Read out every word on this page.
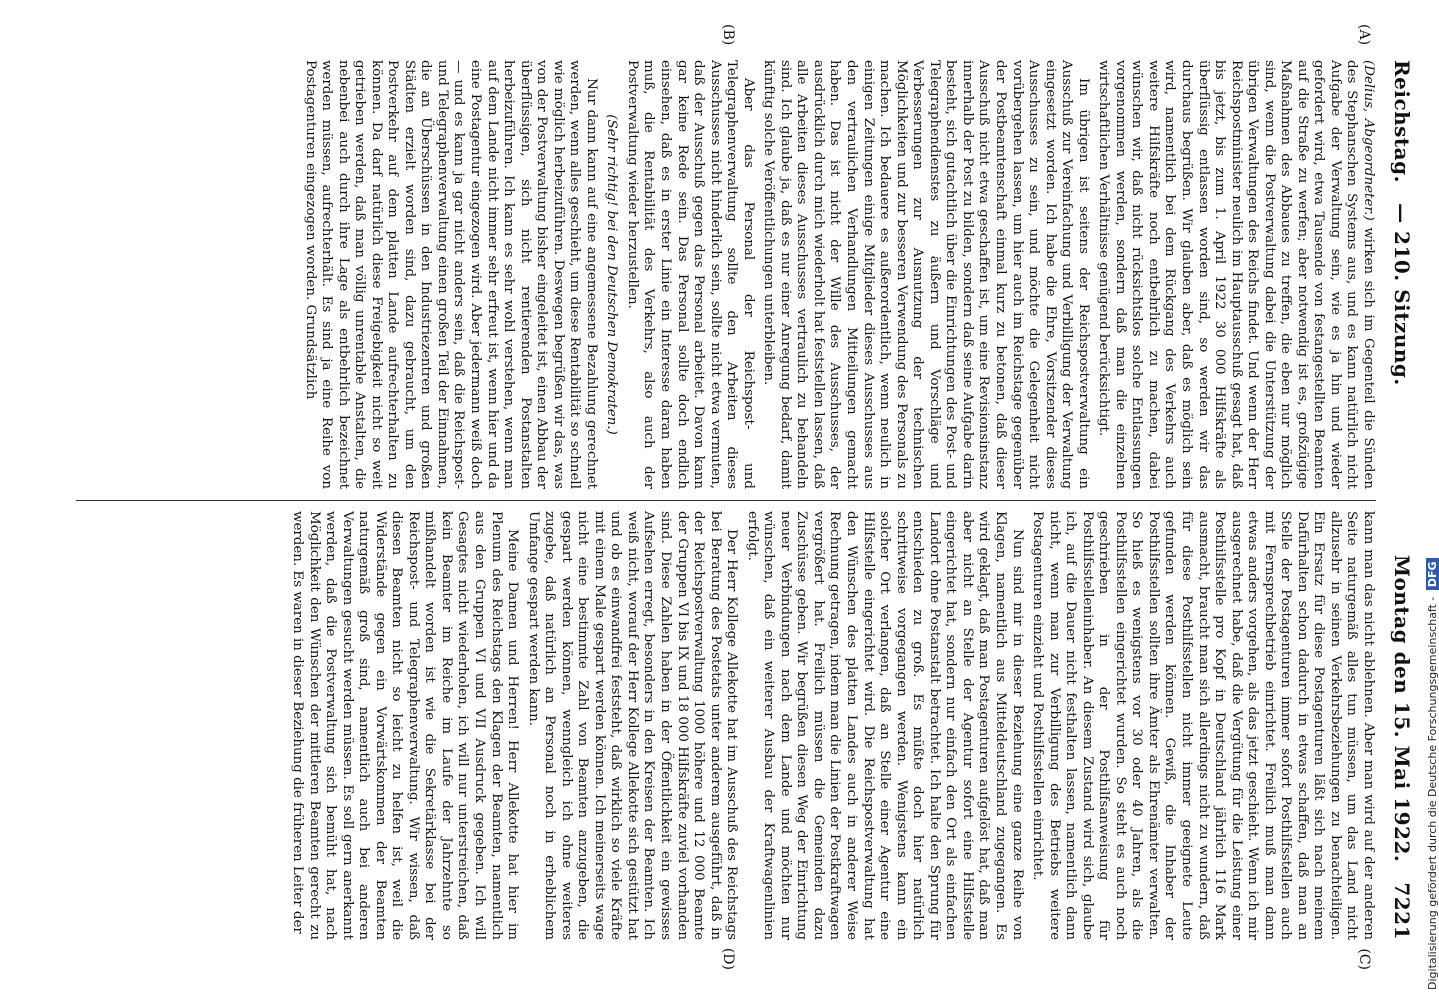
Reichstag.
— 210. Sitzung.
Montag den 15. Mai 1922.
7221
(A)
(B)
(C)
(D)

(Delius, Abgeordneter.) wirken sich im Gegenteil die Sünden des Stephanschen Systems aus, und es kann natürlich nicht Aufgabe der Verwaltung sein, wie es ja hin und wieder gefordert wird, etwa Tausende von festangestellten Beamten auf die Straße zu werfen; aber notwendig ist es, großzügige Maßnahmen des Abbaues zu treffen, die eben nur möglich sind, wenn die Postverwaltung dabei die Unterstützung der übrigen Verwaltungen des Reichs findet. Und wenn der Herr Reichspostminister neulich im Hauptausschuß gesagt hat, daß bis jetzt, bis zum 1. April 1922 30 000 Hilfskräfte als überflüssig entlassen worden sind, so werden wir das durchaus begrüßen. Wir glauben aber, daß es möglich sein wird, namentlich bei dem Rückgang des Verkehrs auch weitere Hilfskräfte noch entbehrlich zu machen, dabei wünschen wir, daß nicht rücksichtslos solche Entlassungen vorgenommen werden, sondern daß man die einzelnen wirtschaftlichen Verhältnisse genügend berücksichtigt.

Im übrigen ist seitens der Reichspostverwaltung ein Ausschuß zur Vereinfachung und Verbilligung der Verwaltung eingesetzt worden. Ich habe die Ehre, Vorsitzender dieses Ausschusses zu sein, und möchte die Gelegenheit nicht vorübergehen lassen, um hier auch im Reichstage gegenüber der Postbeamtenschaft einmal kurz zu betonen, daß dieser Ausschuß nicht etwa geschaffen ist, um eine Revisionsinstanz innerhalb der Post zu bilden, sondern daß seine Aufgabe darin besteht, sich gutachtlich über die Einrichtungen des Post- und Telegraphendienstes zu äußern und Vorschläge und Verbesserungen zur Ausnutzung der technischen Möglichkeiten und zur besseren Verwendung des Personals zu machen. Ich bedauere es außerordentlich, wenn neulich in einigen Zeitungen einige Mitglieder dieses Ausschusses aus den vertraulichen Verhandlungen Mitteilungen gemacht haben. Das ist nicht der Wille des Ausschusses, der ausdrücklich durch mich wiederholt hat feststellen lassen, daß alle Arbeiten dieses Ausschusses vertraulich zu behandeln sind. Ich glaube ja, daß es nur einer Anregung bedarf, damit künftig solche Veröffentlichungen unterbleiben.

Aber das Personal der Reichspost- und Telegraphenverwaltung sollte den Arbeiten dieses Ausschusses nicht hinderlich sein, sollte nicht etwa vermuten, daß der Ausschuß gegen das Personal arbeitet. Davon kann gar keine Rede sein. Das Personal sollte doch endlich einsehen, daß es in erster Linie ein Interesse daran haben muß, die Rentabilität des Verkehrs, also auch der Postverwaltung wieder herzustellen.

(Sehr richtig! bei den Deutschen Demokraten.)

Nur dann kann auf eine angemessene Bezahlung gerechnet werden, wenn alles geschieht, um diese Rentabilität so schnell wie möglich herbeizuführen. Deswegen begrüßen wir das, was von der Postverwaltung bisher eingeleitet ist, einen Abbau der überflüssigen, sich nicht rentierenden Postanstalten herbeizuführen. Ich kann es sehr wohl verstehen, wenn man auf dem Lande nicht immer sehr erfreut ist, wenn hier und da eine Postagentur eingezogen wird. Aber jedermann weiß doch — und es kann ja gar nicht anders sein, daß die Reichspost- und Telegraphenverwaltung einen großen Teil der Einnahmen, die an Überschüssen in den Industriezentren und großen Städten erzielt worden sind, dazu gebraucht, um den Postverkehr auf dem platten Lande aufrechterhalten zu können. Da darf natürlich diese Freigebigkeit nicht so weit getrieben werden, daß man völlig unrentable Anstalten, die nebenbei auch durch ihre Lage als entbehrlich bezeichnet werden müssen, aufrechterhält. Es sind ja eine Reihe von Postagenturen eingezogen worden. Grundsätzlich

kann man das nicht ablehnen. Aber man wird auf der anderen Seite naturgemäß alles tun müssen, um das Land nicht allzusehr in seinen Verkehrsbeziehungen zu benachteiligen. Ein Ersatz für diese Postagenturen läßt sich nach meinem Dafürhalten schon dadurch in etwas schaffen, daß man an Stelle der Postagenturen immer sofort Posthilfsstellen auch mit Fernsprechbetrieb einrichtet. Freilich muß man dann etwas anders vorgehen, als das jetzt geschieht. Wenn ich mir ausgerechnet habe, daß die Vergütung für die Leistung einer Posthilfsstelle pro Kopf in Deutschland jährlich 116 Mark ausmacht, braucht man sich allerdings nicht zu wundern, daß für diese Posthilfsstellen nicht immer geeignete Leute gefunden werden können. Gewiß, die Inhaber der Posthilfsstellen sollten ihre Ämter als Ehrenämter verwalten. So hieß es wenigstens vor 30 oder 40 Jahren, als die Posthilfsstellen eingerichtet wurden. So steht es auch noch geschrieben in der Posthilfsanweisung für Posthilfsstelleninhaber. An diesem Zustand wird sich, glaube ich, auf die Dauer nicht festhalten lassen, namentlich dann nicht, wenn man zur Verbilligung des Betriebs weitere Postagenturen einzieht und Posthilfsstellen einrichtet.

Nun sind mir in dieser Beziehung eine ganze Reihe von Klagen, namentlich aus Mitteldeutschland zugegangen. Es wird geklagt, daß man Postagenturen aufgelöst hat, daß man aber nicht an Stelle der Agentur sofort eine Hilfsstelle eingerichtet hat, sondern nur einfach den Ort als einfachen Landort ohne Postanstalt betrachtet. Ich halte den Sprung für entschieden zu groß. Es müßte doch hier natürlich schrittweise vorgegangen werden. Wenigstens kann ein solcher Ort verlangen, daß an Stelle einer Agentur eine Hilfsstelle eingerichtet wird. Die Reichspostverwaltung hat den Wünschen des platten Landes auch in anderer Weise Rechnung getragen, indem man die Linien der Postkraftwagen vergrößert hat. Freilich müssen die Gemeinden dazu Zuschüsse geben. Wir begrüßen diesen Weg der Einrichtung neuer Verbindungen nach dem Lande und möchten nur wünschen, daß ein weiterer Ausbau der Kraftwagenlinien erfolgt.

Der Herr Kollege Allekotte hat im Ausschuß des Reichstags bei Beratung des Postetats unter anderem ausgeführt, daß in der Reichspostverwaltung 1000 höhere und 12 000 Beamte der Gruppen VI bis IX und 18 000 Hilfskräfte zuviel vorhanden sind. Diese Zahlen haben in der Öffentlichkeit ein gewisses Aufsehen erregt, besonders in den Kreisen der Beamten. Ich weiß nicht, worauf der Herr Kollege Allekotte sich gestützt hat und ob es einwandfrei feststeht, daß wirklich so viele Kräfte mit einem Male gespart werden können. Ich meinerseits wage nicht eine bestimmte Zahl von Beamten anzugeben, die gespart werden können, wenngleich ich ohne weiteres zugebe, daß natürlich an Personal noch in erheblichem Umfange gespart werden kann.

Meine Damen und Herren! Herr Allekotte hat hier im Plenum des Reichstags den Klagen der Beamten, namentlich aus den Gruppen VI und VII Ausdruck gegeben. Ich will Gesagtes nicht wiederholen, ich will nur unterstreichen, daß kein Beamter im Reiche im Laufe der Jahrzehnte so mißhandelt worden ist wie die Sekretärklasse bei der Reichspost- und Telegraphenverwaltung. Wir wissen, daß diesen Beamten nicht so leicht zu helfen ist, weil die Widerstände gegen ein Vorwärtskommen der Beamten naturgemäß groß sind, namentlich auch bei anderen Verwaltungen gesucht werden müssen. Es soll gern anerkannt werden, daß die Postverwaltung sich bemüht hat, nach Möglichkeit den Wünschen der mittleren Beamten gerecht zu werden. Es waren in dieser Beziehung die früheren Leiter der	Digitalisierung gefördert durch die Deutsche Forschungsgemeinschaft - DFG
